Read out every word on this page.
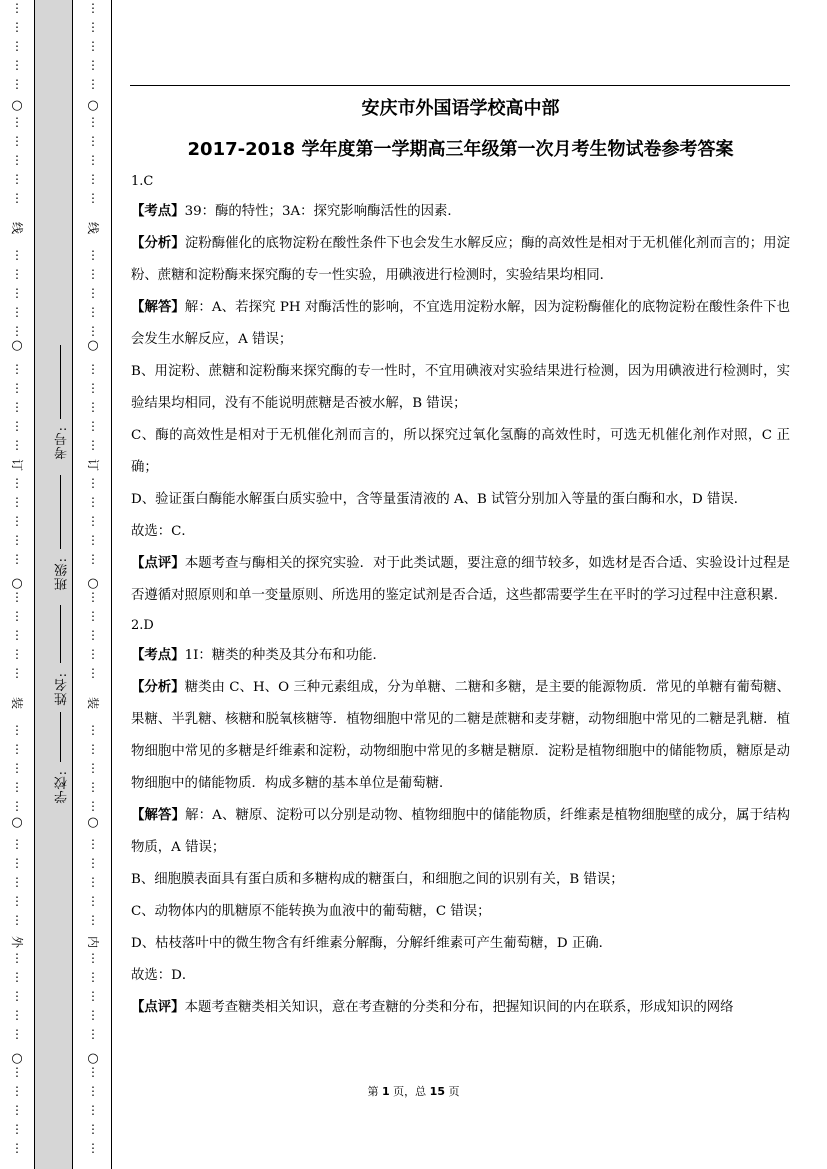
⋮
⋮
⋮
⋮
⋮
⋮
⋮
⋮
⋮
⋮
⋮
⋮
⋮
⋮
⋮
⋮
⋮
⋮
⋮
⋮
⋮
⋮
⋮
⋮
⋮
⋮
⋮
⋮
⋮
⋮
⋮
⋮
⋮
⋮
⋮
⋮
⋮
⋮
⋮
⋮
⋮
⋮
⋮
⋮
⋮
⋮
⋮
⋮
⋮
⋮
○
○
○
○
○
线
订
装
外
⋮
⋮
⋮
⋮
⋮
⋮
⋮
⋮
⋮
⋮
⋮
⋮
⋮
⋮
⋮
⋮
⋮
⋮
⋮
⋮
⋮
⋮
⋮
⋮
⋮
⋮
⋮
⋮
⋮
⋮
⋮
⋮
⋮
⋮
⋮
⋮
⋮
⋮
⋮
⋮
⋮
⋮
⋮
⋮
⋮
⋮
⋮
⋮
⋮
⋮
○
○
○
○
○
线
订
装
内
学校:
姓名:
班级:
考号:
安庆市外国语学校高中部
2017-2018 学年度第一学期高三年级第一次月考生物试卷参考答案

1.C

【考点】39：酶的特性；3A：探究影响酶活性的因素．

【分析】淀粉酶催化的底物淀粉在酸性条件下也会发生水解反应；酶的高效性是相对于无机催化剂而言的；用淀粉、蔗糖和淀粉酶来探究酶的专一性实验，用碘液进行检测时，实验结果均相同．

【解答】解：A、若探究 PH 对酶活性的影响，不宜选用淀粉水解，因为淀粉酶催化的底物淀粉在酸性条件下也会发生水解反应，A 错误；

B、用淀粉、蔗糖和淀粉酶来探究酶的专一性时，不宜用碘液对实验结果进行检测，因为用碘液进行检测时，实验结果均相同，没有不能说明蔗糖是否被水解，B 错误；

C、酶的高效性是相对于无机催化剂而言的，所以探究过氧化氢酶的高效性时，可选无机催化剂作对照，C 正确；

D、验证蛋白酶能水解蛋白质实验中，含等量蛋清液的 A、B 试管分别加入等量的蛋白酶和水，D 错误．

故选：C．

【点评】本题考查与酶相关的探究实验．对于此类试题，要注意的细节较多，如选材是否合适、实验设计过程是否遵循对照原则和单一变量原则、所选用的鉴定试剂是否合适，这些都需要学生在平时的学习过程中注意积累．

2.D

【考点】1I：糖类的种类及其分布和功能．

【分析】糖类由 C、H、O 三种元素组成，分为单糖、二糖和多糖，是主要的能源物质．常见的单糖有葡萄糖、果糖、半乳糖、核糖和脱氧核糖等．植物细胞中常见的二糖是蔗糖和麦芽糖，动物细胞中常见的二糖是乳糖．植物细胞中常见的多糖是纤维素和淀粉，动物细胞中常见的多糖是糖原．淀粉是植物细胞中的储能物质，糖原是动物细胞中的储能物质．构成多糖的基本单位是葡萄糖．

【解答】解：A、糖原、淀粉可以分别是动物、植物细胞中的储能物质，纤维素是植物细胞壁的成分，属于结构物质，A 错误；

B、细胞膜表面具有蛋白质和多糖构成的糖蛋白，和细胞之间的识别有关，B 错误；

C、动物体内的肌糖原不能转换为血液中的葡萄糖，C 错误；

D、枯枝落叶中的微生物含有纤维素分解酶，分解纤维素可产生葡萄糖，D 正确．

故选：D．

【点评】本题考查糖类相关知识，意在考查糖的分类和分布，把握知识间的内在联系，形成知识的网络

第 1 页，总 15 页
